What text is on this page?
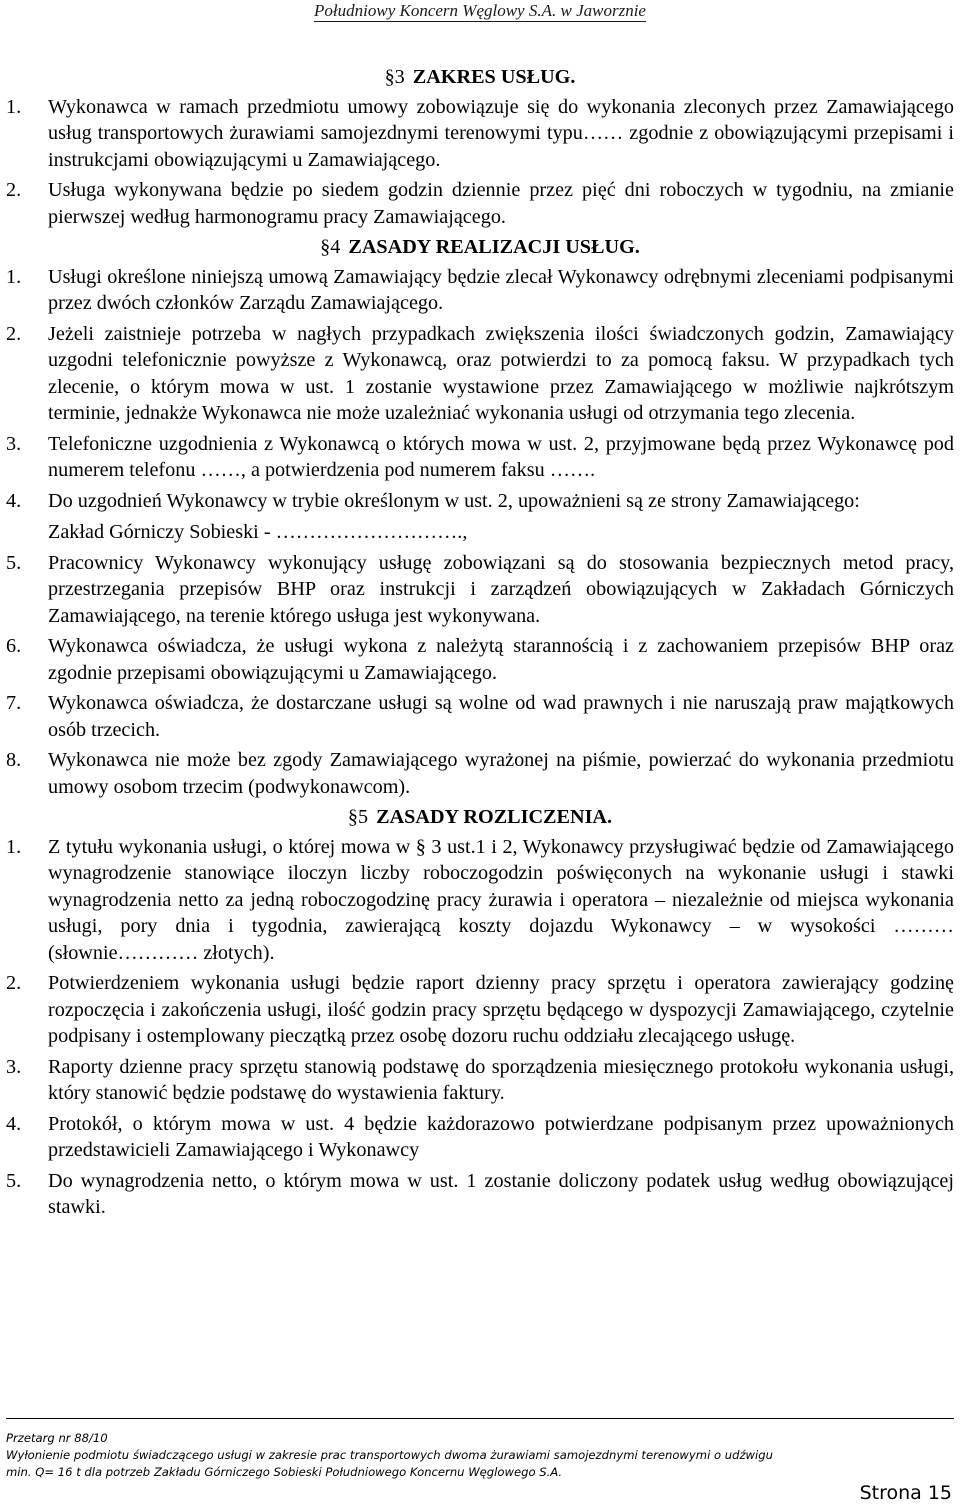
Południowy Koncern Węglowy S.A. w Jaworznie
§3 ZAKRES USŁUG.
1.	Wykonawca w ramach przedmiotu umowy zobowiązuje się do wykonania zleconych przez Zamawiającego usług transportowych żurawiami samojezdnymi terenowymi typu…… zgodnie z obowiązującymi przepisami i instrukcjami obowiązującymi u Zamawiającego.
2.	Usługa wykonywana będzie po siedem godzin dziennie przez pięć dni roboczych w tygodniu, na zmianie pierwszej według harmonogramu pracy Zamawiającego.
§4 ZASADY REALIZACJI USŁUG.
1.	Usługi określone niniejszą umową Zamawiający będzie zlecał Wykonawcy odrębnymi zleceniami podpisanymi przez dwóch członków Zarządu Zamawiającego.
2.	Jeżeli zaistnieje potrzeba w nagłych przypadkach zwiększenia ilości świadczonych godzin, Zamawiający uzgodni telefonicznie powyższe z Wykonawcą, oraz potwierdzi to za pomocą faksu. W przypadkach tych zlecenie, o którym mowa w ust. 1 zostanie wystawione przez Zamawiającego w możliwie najkrótszym terminie, jednakże Wykonawca nie może uzależniać wykonania usługi od otrzymania tego zlecenia.
3.	Telefoniczne uzgodnienia z Wykonawcą o których mowa w ust. 2, przyjmowane będą przez Wykonawcę pod numerem telefonu ……, a potwierdzenia pod numerem faksu …….
4.	Do uzgodnień Wykonawcy w trybie określonym w ust. 2, upoważnieni są ze strony Zamawiającego:
Zakład Górniczy Sobieski - ……………………….,
5.	Pracownicy Wykonawcy wykonujący usługę zobowiązani są do stosowania bezpiecznych metod pracy, przestrzegania przepisów BHP oraz instrukcji i zarządzeń obowiązujących w Zakładach Górniczych Zamawiającego, na terenie którego usługa jest wykonywana.
6.	Wykonawca oświadcza, że usługi wykona z należytą starannością i z zachowaniem przepisów BHP oraz zgodnie przepisami obowiązującymi u Zamawiającego.
7.	Wykonawca oświadcza, że dostarczane usługi są wolne od wad prawnych i nie naruszają praw majątkowych osób trzecich.
8.	Wykonawca nie może bez zgody Zamawiającego wyrażonej na piśmie, powierzać do wykonania przedmiotu umowy osobom trzecim (podwykonawcom).
§5 ZASADY ROZLICZENIA.
1.	Z tytułu wykonania usługi, o której mowa w § 3 ust.1 i 2, Wykonawcy przysługiwać będzie od Zamawiającego wynagrodzenie stanowiące iloczyn liczby roboczogodzin poświęconych na wykonanie usługi i stawki wynagrodzenia netto za jedną roboczogodzinę pracy żurawia i operatora – niezależnie od miejsca wykonania usługi, pory dnia i tygodnia, zawierającą koszty dojazdu Wykonawcy – w wysokości ……… (słownie………… złotych).
2.	Potwierdzeniem wykonania usługi będzie raport dzienny pracy sprzętu i operatora zawierający godzinę rozpoczęcia i zakończenia usługi, ilość godzin pracy sprzętu będącego w dyspozycji Zamawiającego, czytelnie podpisany i ostemplowany pieczątką przez osobę dozoru ruchu oddziału zlecającego usługę.
3.	Raporty dzienne pracy sprzętu stanowią podstawę do sporządzenia miesięcznego protokołu wykonania usługi, który stanowić będzie podstawę do wystawienia faktury.
4.	Protokół, o którym mowa w ust. 4 będzie każdorazowo potwierdzane podpisanym przez upoważnionych przedstawicieli Zamawiającego i Wykonawcy
5.	Do wynagrodzenia netto, o którym mowa w ust. 1 zostanie doliczony podatek usług według obowiązującej stawki.
Przetarg nr 88/10
Wyłonienie podmiotu świadczącego usługi w zakresie prac transportowych dwoma żurawiami samojezdnymi terenowymi o udźwigu
min. Q= 16 t dla potrzeb Zakładu Górniczego Sobieski Południowego Koncernu Węglowego S.A.
Strona 15
